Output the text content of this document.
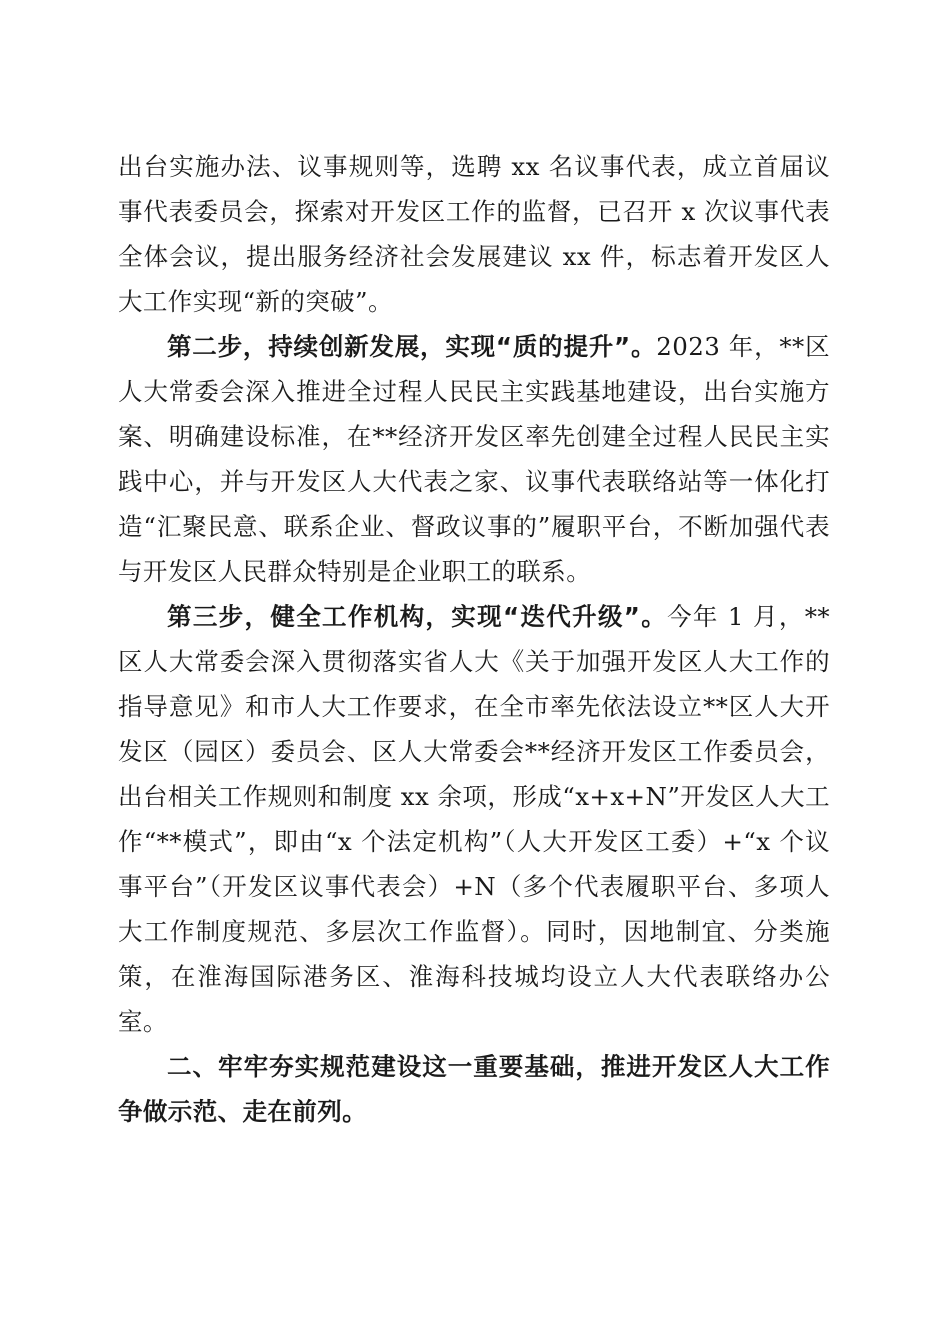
出台实施办法、议事规则等，选聘 xx 名议事代表，成立首届议事代表委员会，探索对开发区工作的监督，已召开 x 次议事代表全体会议，提出服务经济社会发展建议 xx 件，标志着开发区人大工作实现“新的突破”。

第二步，持续创新发展，实现“质的提升”。2023 年，**区人大常委会深入推进全过程人民民主实践基地建设，出台实施方案、明确建设标准，在**经济开发区率先创建全过程人民民主实践中心，并与开发区人大代表之家、议事代表联络站等一体化打造“汇聚民意、联系企业、督政议事的”履职平台，不断加强代表与开发区人民群众特别是企业职工的联系。

第三步，健全工作机构，实现“迭代升级”。今年 1 月，**区人大常委会深入贯彻落实省人大《关于加强开发区人大工作的指导意见》和市人大工作要求，在全市率先依法设立**区人大开发区（园区）委员会、区人大常委会**经济开发区工作委员会，出台相关工作规则和制度 xx 余项，形成“x+x+N”开发区人大工作“**模式”，即由“x 个法定机构”（人大开发区工委）+“x 个议事平台”（开发区议事代表会）+N（多个代表履职平台、多项人大工作制度规范、多层次工作监督）。同时，因地制宜、分类施策，在淮海国际港务区、淮海科技城均设立人大代表联络办公室。

二、牢牢夯实规范建设这一重要基础，推进开发区人大工作争做示范、走在前列。
